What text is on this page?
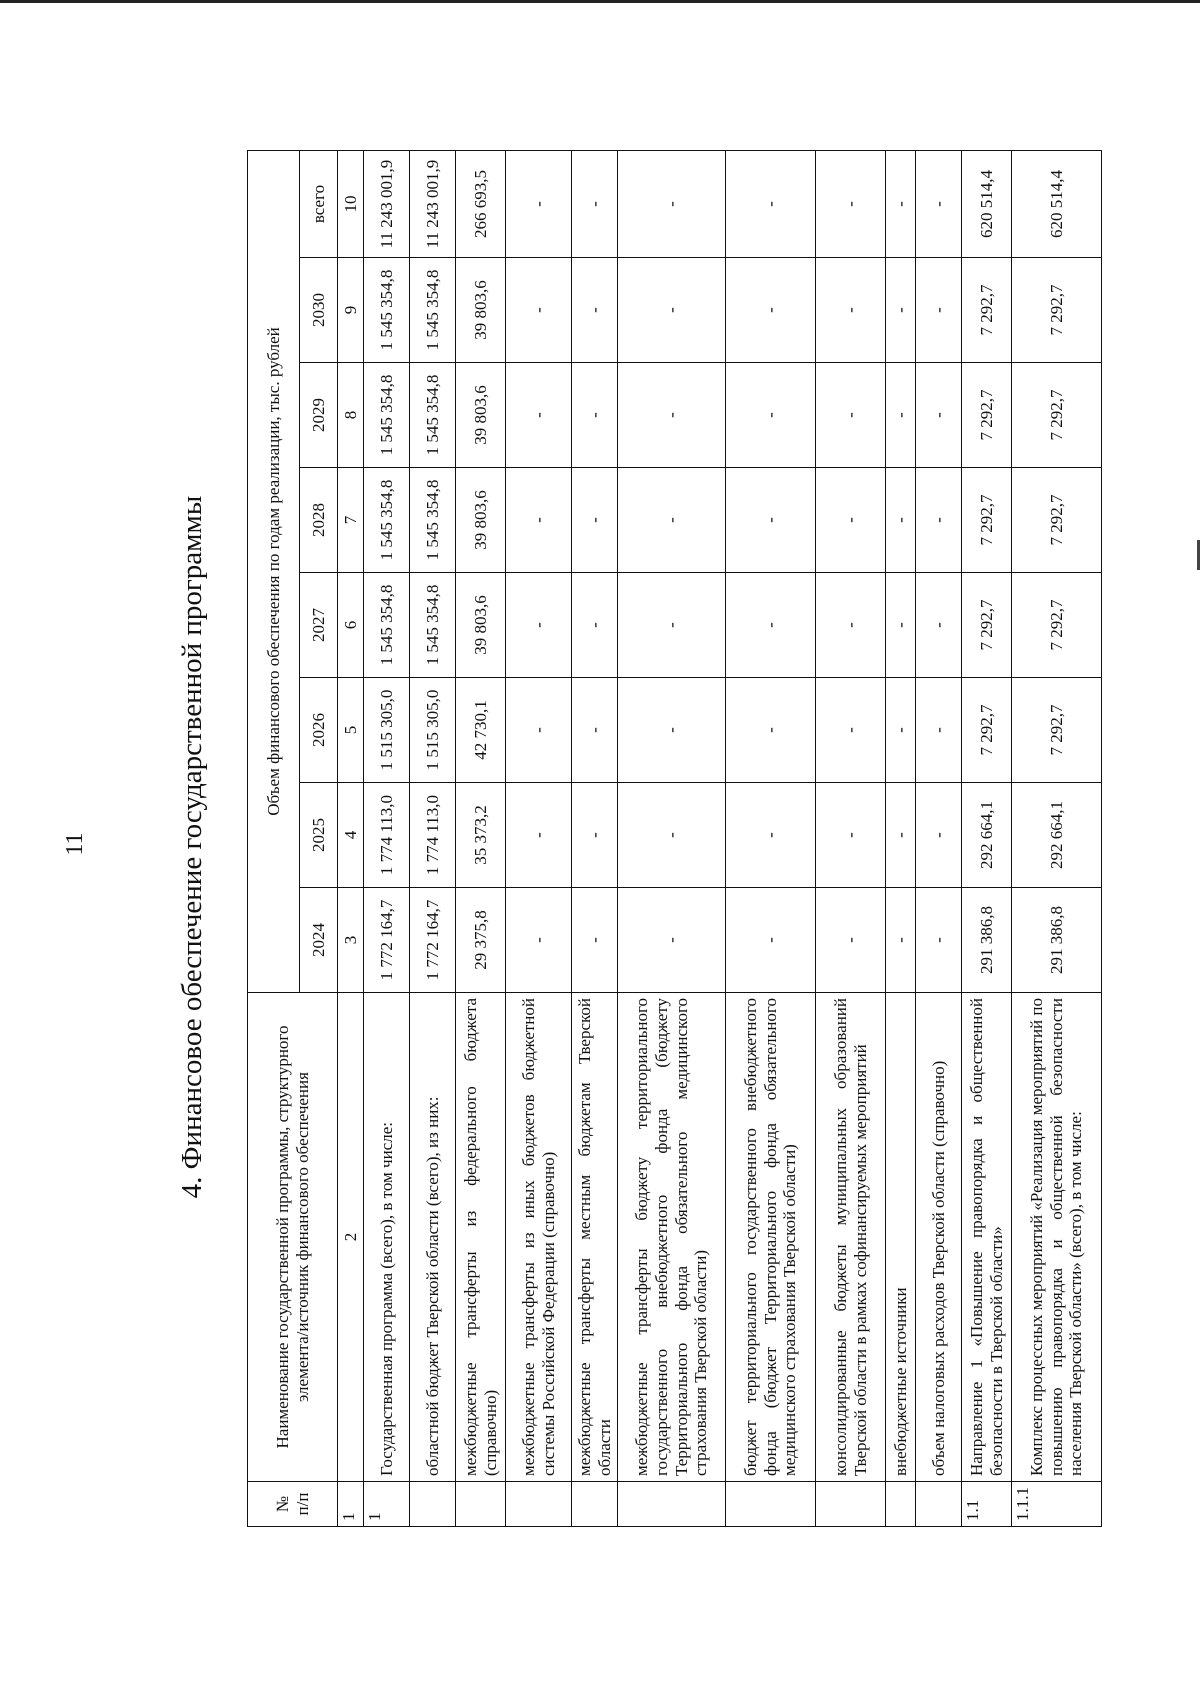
11	4. Финансовое обеспечение государственной программы
№ п/п	Наименование государственной программы, структурного элемента/источник финансового обеспечения	Объем финансового обеспечения по годам реализации, тыс. рублей							
		2024	2025	2026	2027	2028	2029	2030	всего
1	2	3	4	5	6	7	8	9	10
1	Государственная программа (всего), в том числе:	1 772 164,7	1 774 113,0	1 515 305,0	1 545 354,8	1 545 354,8	1 545 354,8	1 545 354,8	11 243 001,9
	областной бюджет Тверской области (всего), из них:	1 772 164,7	1 774 113,0	1 515 305,0	1 545 354,8	1 545 354,8	1 545 354,8	1 545 354,8	11 243 001,9
	межбюджетные трансферты из федерального бюджета (справочно)	29 375,8	35 373,2	42 730,1	39 803,6	39 803,6	39 803,6	39 803,6	266 693,5
	межбюджетные трансферты из иных бюджетов бюджетной системы Российской Федерации (справочно)	-	-	-	-	-	-	-	-
	межбюджетные трансферты местным бюджетам Тверской области	-	-	-	-	-	-	-	-
	межбюджетные трансферты бюджету территориального государственного внебюджетного фонда (бюджету Территориального фонда обязательного медицинского страхования Тверской области)	-	-	-	-	-	-	-	-
	бюджет территориального государственного внебюджетного фонда (бюджет Территориального фонда обязательного медицинского страхования Тверской области)	-	-	-	-	-	-	-	-
	консолидированные бюджеты муниципальных образований Тверской области в рамках софинансируемых мероприятий	-	-	-	-	-	-	-	-
	внебюджетные источники	-	-	-	-	-	-	-	-
	объем налоговых расходов Тверской области (справочно)	-	-	-	-	-	-	-	-
1.1	Направление 1 «Повышение правопорядка и общественной безопасности в Тверской области»	291 386,8	292 664,1	7 292,7	7 292,7	7 292,7	7 292,7	7 292,7	620 514,4
1.1.1	Комплекс процессных мероприятий «Реализация мероприятий по повышению правопорядка и общественной безопасности населения Тверской области» (всего), в том числе:	291 386,8	292 664,1	7 292,7	7 292,7	7 292,7	7 292,7	7 292,7	620 514,4
